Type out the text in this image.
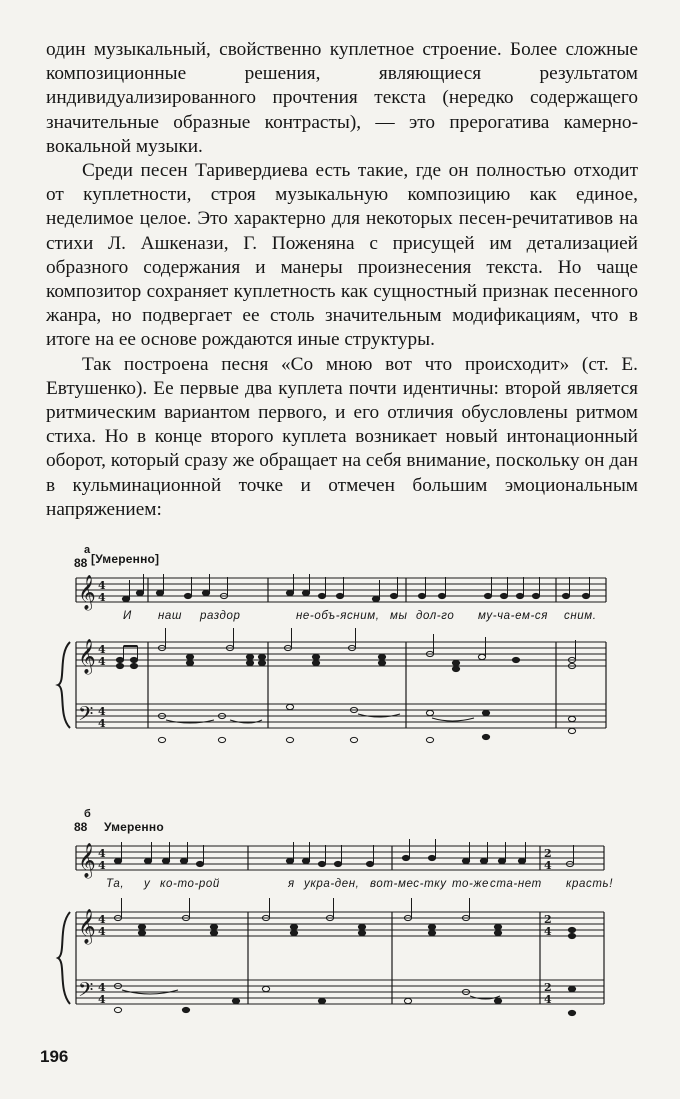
один музыкальный, свойственно куплетное строение. Более сложные композиционные решения, являющиеся результатом индивидуализированного прочтения текста (нередко содержащего значительные образные контрасты), — это прерогатива камерно-вокальной музыки.

Среди песен Таривердиева есть такие, где он полностью отходит от куплетности, строя музыкальную композицию как единое, неделимое целое. Это характерно для некоторых песен-речитативов на стихи Л. Ашкенази, Г. Поженяна с присущей им детализацией образного содержания и манеры произнесения текста. Но чаще композитор сохраняет куплетность как сущностный признак песенного жанра, но подвергает ее столь значительным модификациям, что в итоге на ее основе рождаются иные структуры.

Так построена песня «Со мною вот что происходит» (ст. Е. Евтушенко). Ее первые два куплета почти идентичны: второй является ритмическим вариантом первого, и его отличия обусловлены ритмом стиха. Но в конце второго куплета возникает новый интонационный оборот, который сразу же обращает на себя внимание, поскольку он дан в кульминационной точке и отмечен большим эмоциональным напряжением:

а
88 [Умеренно]
𝄞
𝄞
𝄢
4
4
4
4
4
4
И наш раздор	не-объ-ясним, мы дол-го му-ча-ем-ся сним.
б
88 Умеренно
𝄞
𝄞
𝄢
4
4
4
4
4
4
2
4
2
4
2
4
Та, у ко-то-рой	я укра-ден, вот-мес-тку то-же ста-нет красть!
196
